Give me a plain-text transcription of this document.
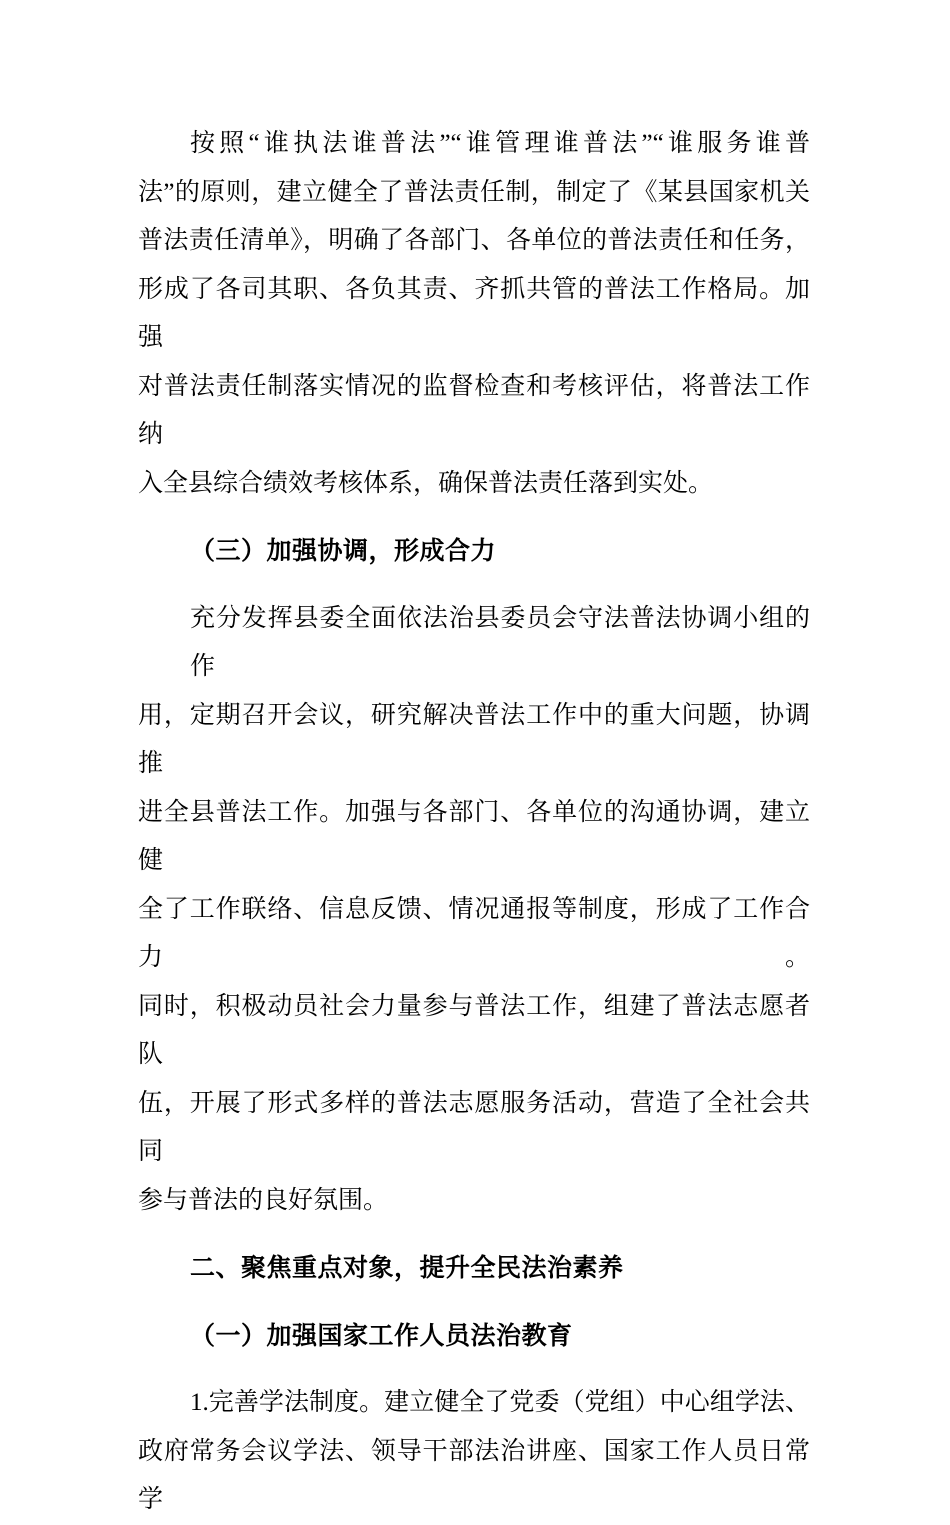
按照“谁执法谁普法”“谁管理谁普法”“谁服务谁普

法”的原则，建立健全了普法责任制，制定了《某县国家机关

普法责任清单》，明确了各部门、各单位的普法责任和任务，

形成了各司其职、各负其责、齐抓共管的普法工作格局。加强

对普法责任制落实情况的监督检查和考核评估，将普法工作纳

入全县综合绩效考核体系，确保普法责任落到实处。

（三）加强协调，形成合力

充分发挥县委全面依法治县委员会守法普法协调小组的作

用，定期召开会议，研究解决普法工作中的重大问题，协调推

进全县普法工作。加强与各部门、各单位的沟通协调，建立健

全了工作联络、信息反馈、情况通报等制度，形成了工作合力。

同时，积极动员社会力量参与普法工作，组建了普法志愿者队

伍，开展了形式多样的普法志愿服务活动，营造了全社会共同

参与普法的良好氛围。

二、聚焦重点对象，提升全民法治素养
（一）加强国家工作人员法治教育

1.完善学法制度。建立健全了党委（党组）中心组学法、

政府常务会议学法、领导干部法治讲座、国家工作人员日常学
